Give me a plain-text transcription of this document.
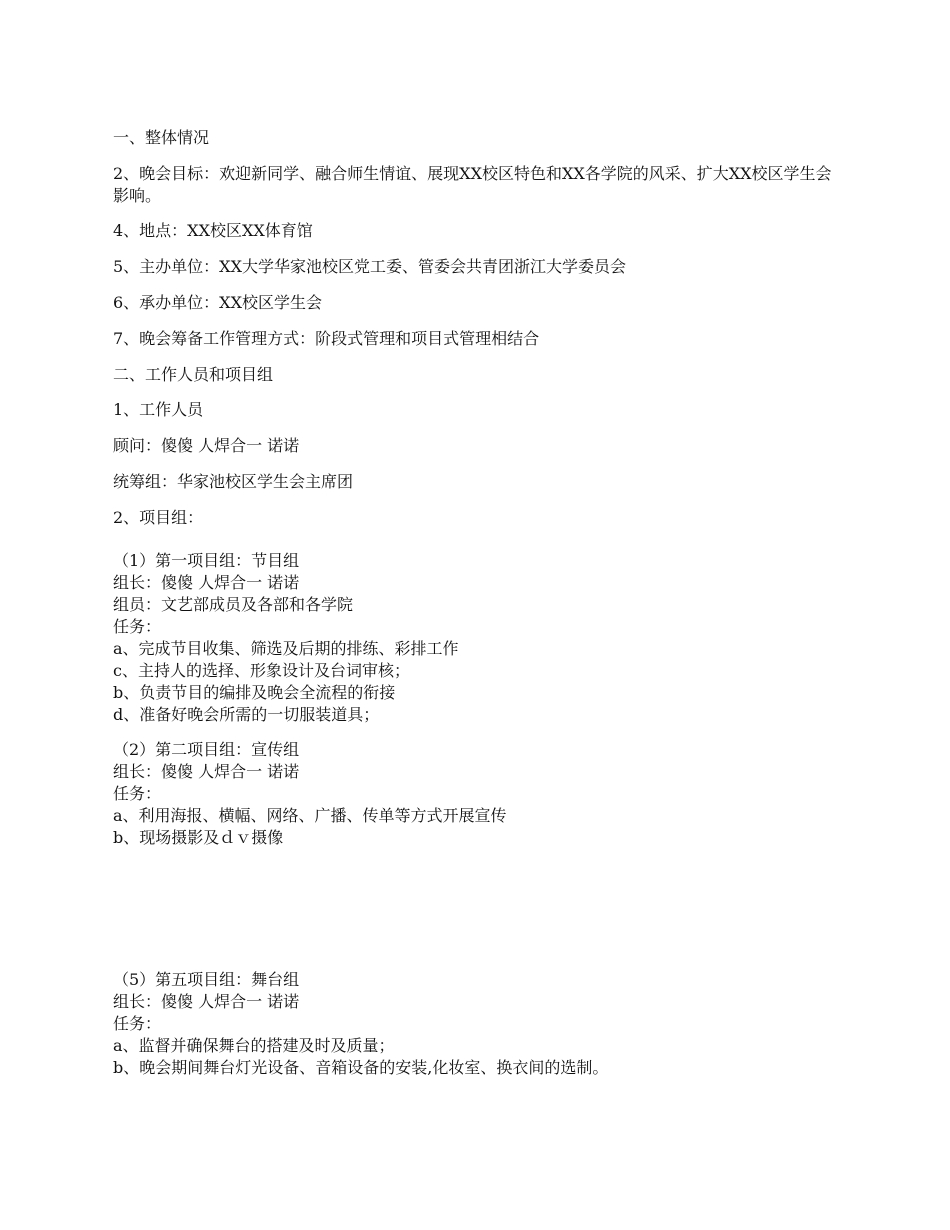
一、整体情况
2、晚会目标：欢迎新同学、融合师生情谊、展现XX校区特色和XX各学院的风采、扩大XX校区学生会影响。
4、地点：XX校区XX体育馆
5、主办单位：XX大学华家池校区党工委、管委会共青团浙江大学委员会
6、承办单位：XX校区学生会
7、晚会筹备工作管理方式：阶段式管理和项目式管理相结合
二、工作人员和项目组
1、工作人员
顾问：傻傻 人焊合一 诺诺
统筹组：华家池校区学生会主席团
2、项目组：
（1）第一项目组：节目组
组长：傻傻 人焊合一 诺诺
组员：文艺部成员及各部和各学院
任务：
a、完成节目收集、筛选及后期的排练、彩排工作
c、主持人的选择、形象设计及台词审核；
b、负责节目的编排及晚会全流程的衔接
d、准备好晚会所需的一切服装道具；
（2）第二项目组：宣传组
组长：傻傻 人焊合一 诺诺
任务：
a、利用海报、横幅、网络、广播、传单等方式开展宣传
b、现场摄影及ｄｖ摄像
（5）第五项目组：舞台组
组长：傻傻 人焊合一 诺诺
任务：
a、监督并确保舞台的搭建及时及质量；
b、晚会期间舞台灯光设备、音箱设备的安装,化妆室、换衣间的选制。
